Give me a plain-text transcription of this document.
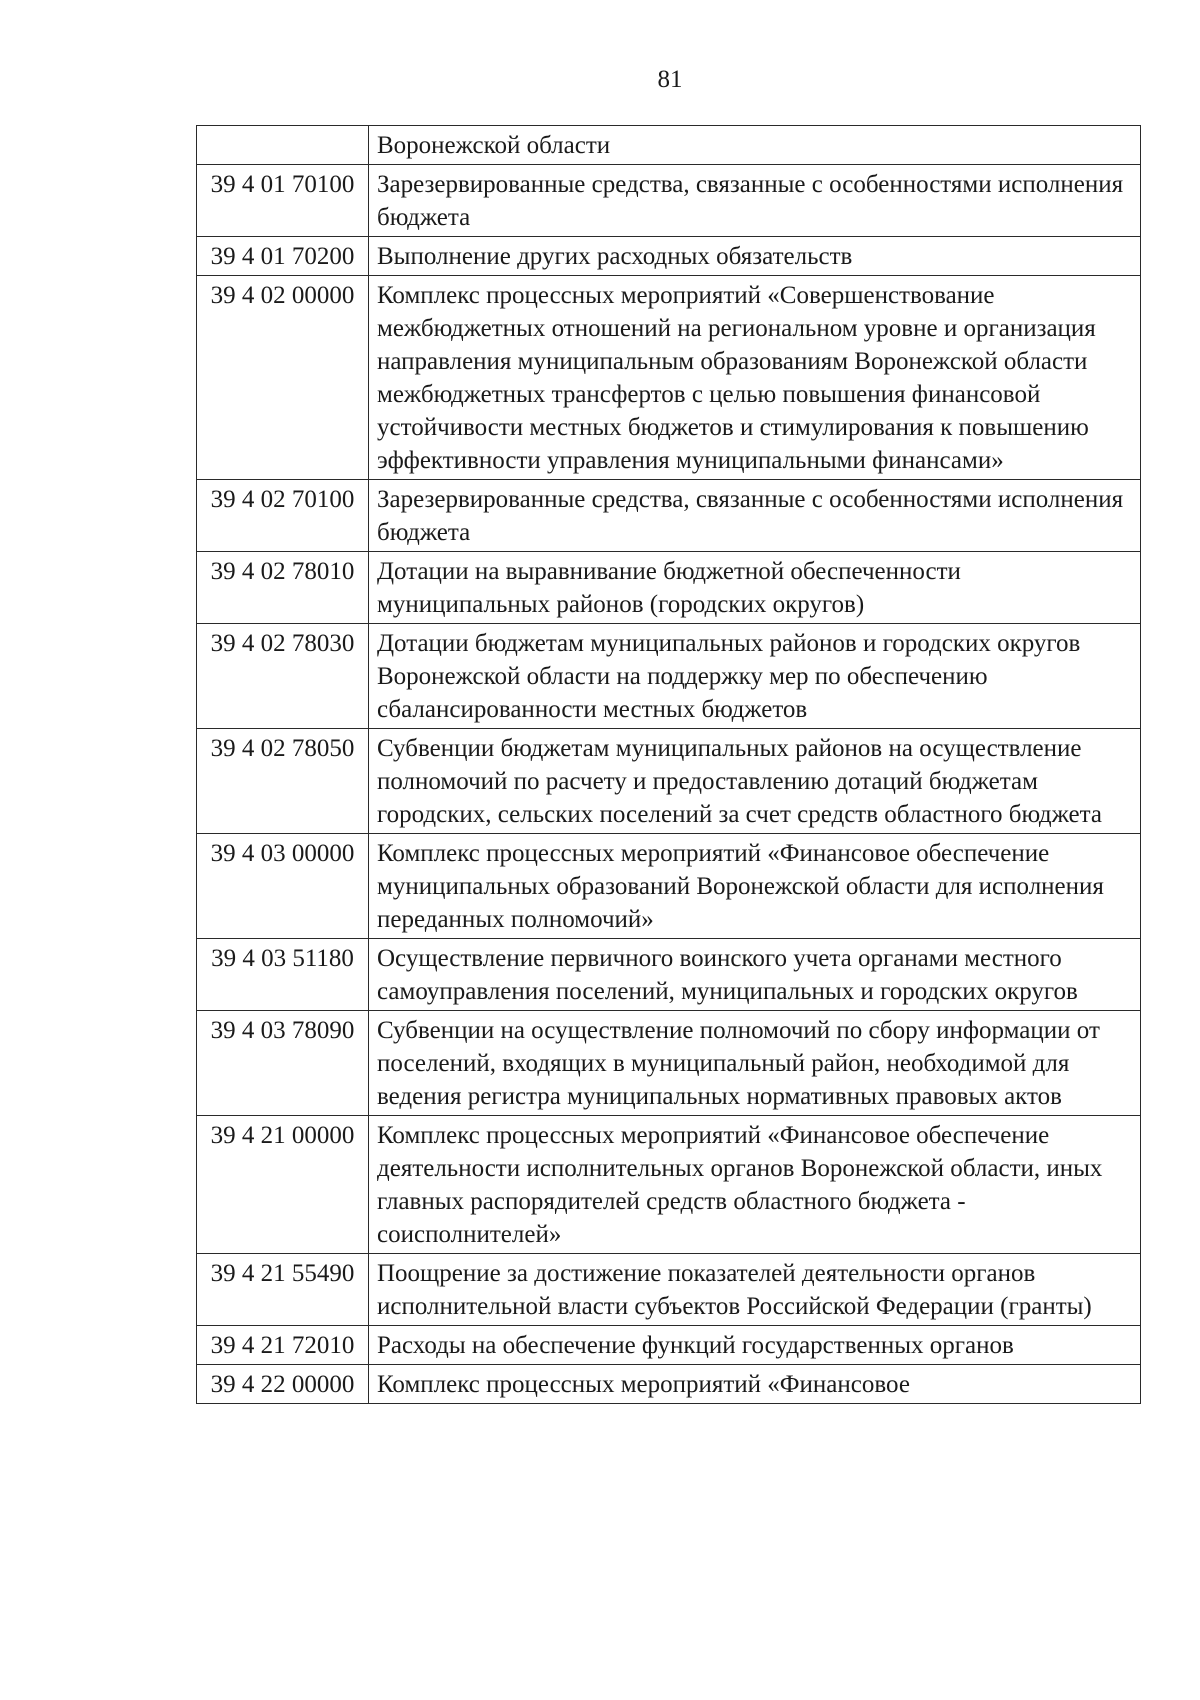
81
	Воронежской области
39 4 01 70100	Зарезервированные средства, связанные с особенностями исполнения бюджета
39 4 01 70200	Выполнение других расходных обязательств
39 4 02 00000	Комплекс процессных мероприятий «Совершенствование межбюджетных отношений на региональном уровне и организация направления муниципальным образованиям Воронежской области межбюджетных трансфертов с целью повышения финансовой устойчивости местных бюджетов и стимулирования к повышению эффективности управления муниципальными финансами»
39 4 02 70100	Зарезервированные средства, связанные с особенностями исполнения бюджета
39 4 02 78010	Дотации на выравнивание бюджетной обеспеченности муниципальных районов (городских округов)
39 4 02 78030	Дотации бюджетам муниципальных районов и городских округов Воронежской области на поддержку мер по обеспечению сбалансированности местных бюджетов
39 4 02 78050	Субвенции бюджетам муниципальных районов на осуществление полномочий по расчету и предоставлению дотаций бюджетам городских, сельских поселений за счет средств областного бюджета
39 4 03 00000	Комплекс процессных мероприятий «Финансовое обеспечение муниципальных образований Воронежской области для исполнения переданных полномочий»
39 4 03 51180	Осуществление первичного воинского учета органами местного самоуправления поселений, муниципальных и городских округов
39 4 03 78090	Субвенции на осуществление полномочий по сбору информации от поселений, входящих в муниципальный район, необходимой для ведения регистра муниципальных нормативных правовых актов
39 4 21 00000	Комплекс процессных мероприятий «Финансовое обеспечение деятельности исполнительных органов Воронежской области, иных главных распорядителей средств областного бюджета - соисполнителей»
39 4 21 55490	Поощрение за достижение показателей деятельности органов исполнительной власти субъектов Российской Федерации (гранты)
39 4 21 72010	Расходы на обеспечение функций государственных органов
39 4 22 00000	Комплекс процессных мероприятий «Финансовое
